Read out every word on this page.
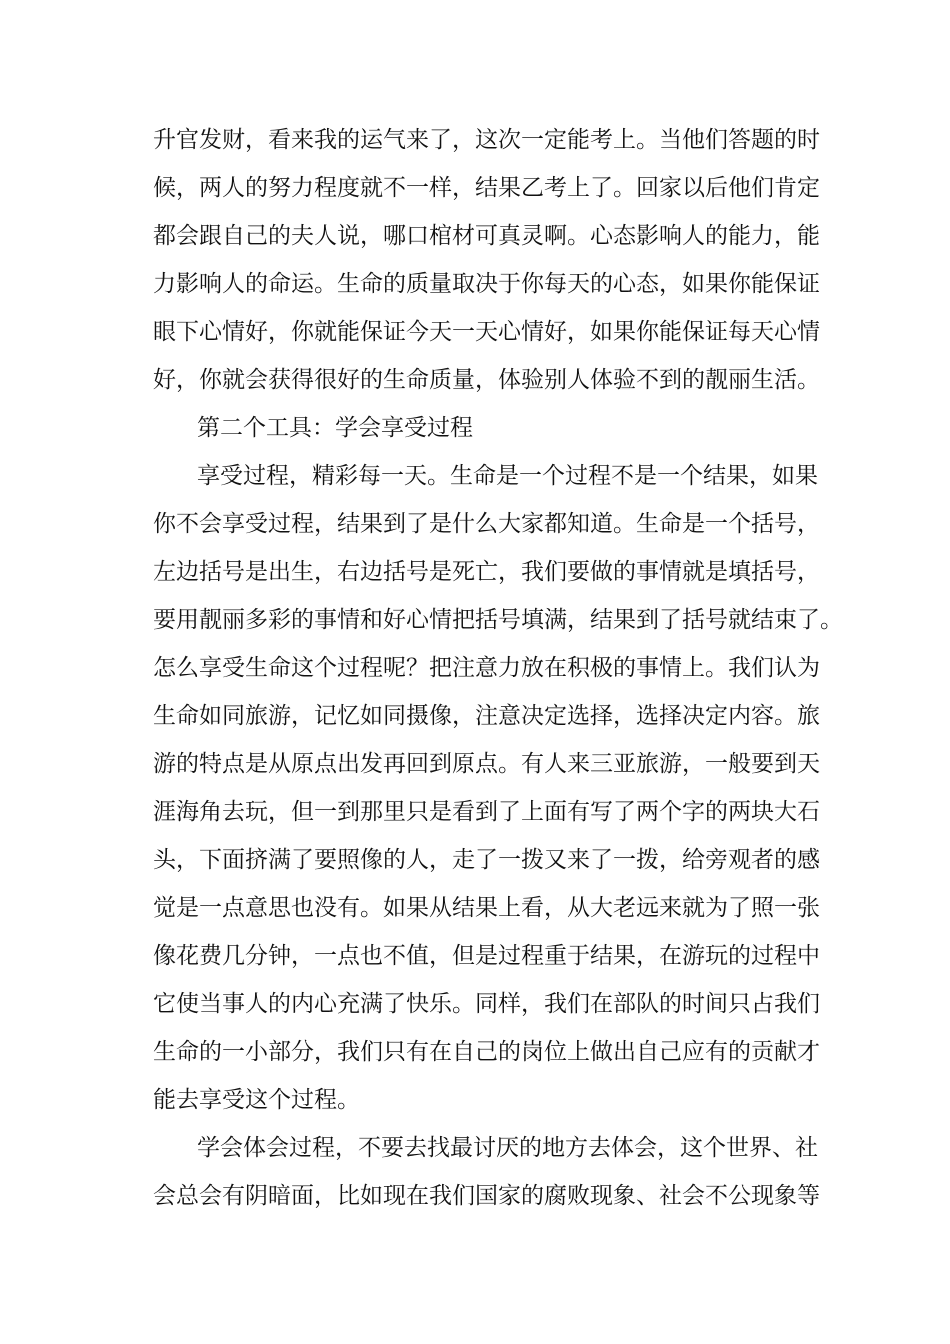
升官发财，看来我的运气来了，这次一定能考上。当他们答题的时
候，两人的努力程度就不一样，结果乙考上了。回家以后他们肯定
都会跟自己的夫人说，哪口棺材可真灵啊。心态影响人的能力，能
力影响人的命运。生命的质量取决于你每天的心态，如果你能保证
眼下心情好，你就能保证今天一天心情好，如果你能保证每天心情
好，你就会获得很好的生命质量，体验别人体验不到的靓丽生活。
第二个工具：学会享受过程
享受过程，精彩每一天。生命是一个过程不是一个结果，如果
你不会享受过程，结果到了是什么大家都知道。生命是一个括号，
左边括号是出生，右边括号是死亡，我们要做的事情就是填括号，
要用靓丽多彩的事情和好心情把括号填满，结果到了括号就结束了。
怎么享受生命这个过程呢？把注意力放在积极的事情上。我们认为
生命如同旅游，记忆如同摄像，注意决定选择，选择决定内容。旅
游的特点是从原点出发再回到原点。有人来三亚旅游，一般要到天
涯海角去玩，但一到那里只是看到了上面有写了两个字的两块大石
头，下面挤满了要照像的人，走了一拨又来了一拨，给旁观者的感
觉是一点意思也没有。如果从结果上看，从大老远来就为了照一张
像花费几分钟，一点也不值，但是过程重于结果，在游玩的过程中
它使当事人的内心充满了快乐。同样，我们在部队的时间只占我们
生命的一小部分，我们只有在自己的岗位上做出自己应有的贡献才
能去享受这个过程。
学会体会过程，不要去找最讨厌的地方去体会，这个世界、社
会总会有阴暗面，比如现在我们国家的腐败现象、社会不公现象等
